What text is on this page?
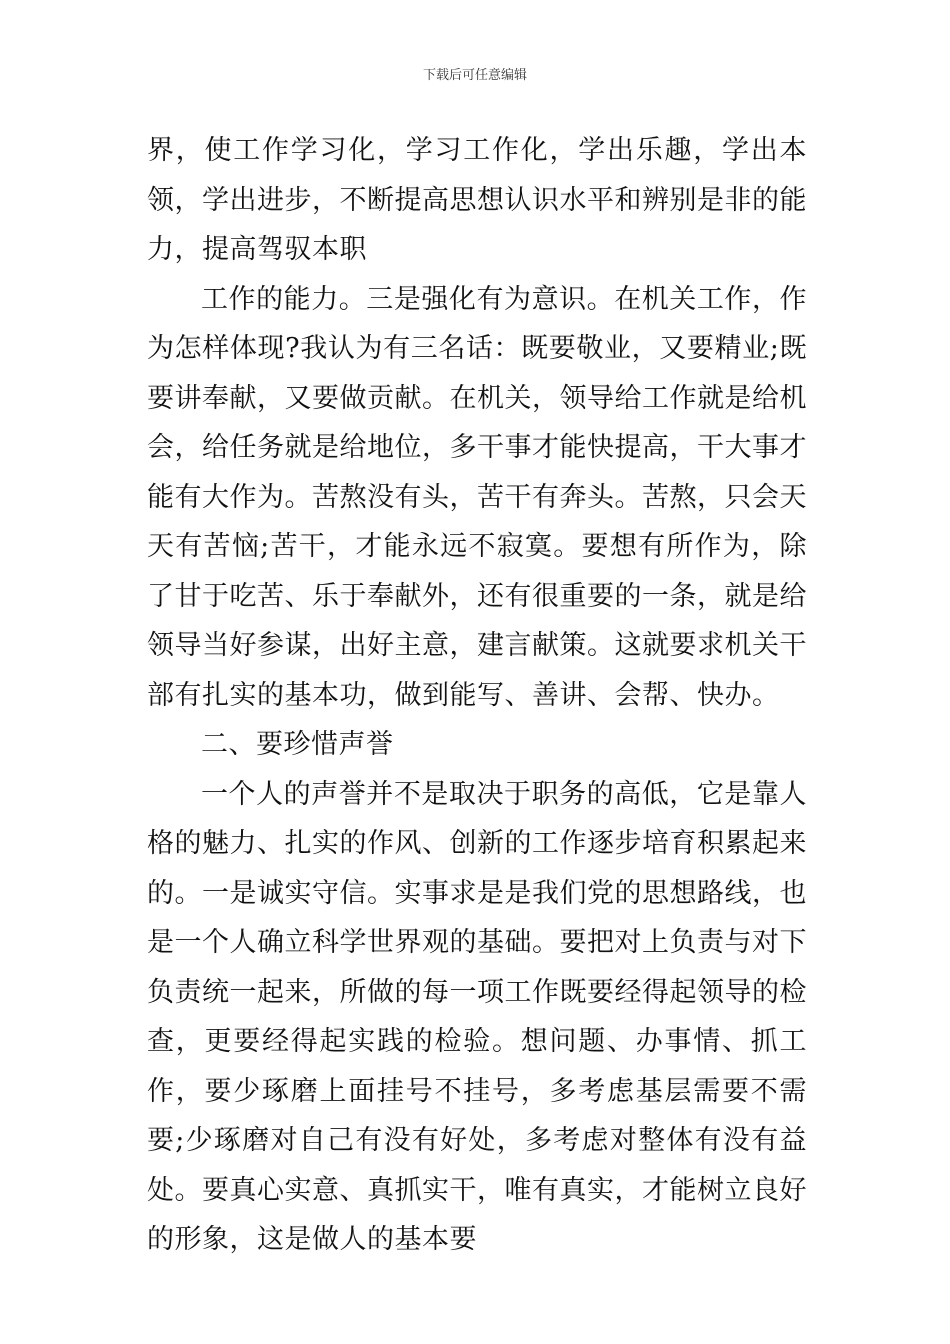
下载后可任意编辑

界，使工作学习化，学习工作化，学出乐趣，学出本领，学出进步，不断提高思想认识水平和辨别是非的能力，提高驾驭本职

工作的能力。三是强化有为意识。在机关工作，作为怎样体现?我认为有三名话：既要敬业，又要精业;既要讲奉献，又要做贡献。在机关，领导给工作就是给机会，给任务就是给地位，多干事才能快提高，干大事才能有大作为。苦熬没有头，苦干有奔头。苦熬，只会天天有苦恼;苦干，才能永远不寂寞。要想有所作为，除了甘于吃苦、乐于奉献外，还有很重要的一条，就是给领导当好参谋，出好主意，建言献策。这就要求机关干部有扎实的基本功，做到能写、善讲、会帮、快办。

二、要珍惜声誉

一个人的声誉并不是取决于职务的高低，它是靠人格的魅力、扎实的作风、创新的工作逐步培育积累起来的。一是诚实守信。实事求是是我们党的思想路线，也是一个人确立科学世界观的基础。要把对上负责与对下负责统一起来，所做的每一项工作既要经得起领导的检查，更要经得起实践的检验。想问题、办事情、抓工作，要少琢磨上面挂号不挂号，多考虑基层需要不需要;少琢磨对自己有没有好处，多考虑对整体有没有益处。要真心实意、真抓实干，唯有真实，才能树立良好的形象，这是做人的基本要
